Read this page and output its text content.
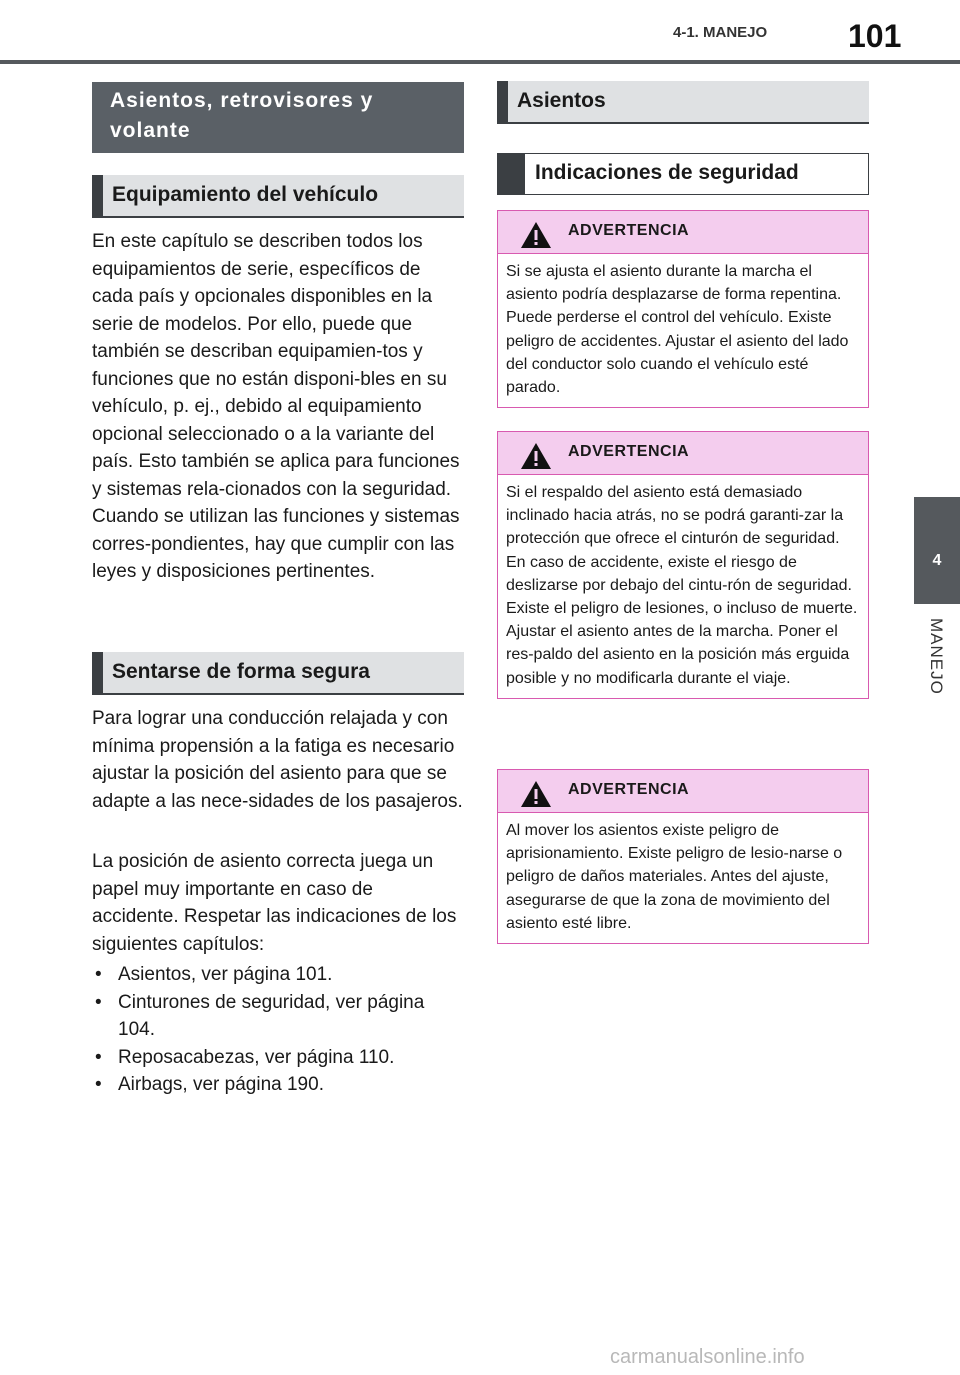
4-1. MANEJO	101
4
MANEJO
Asientos, retrovisores y volante
Equipamiento del vehículo

En este capítulo se describen todos los equipamientos de serie, específicos de cada país y opcionales disponibles en la serie de modelos. Por ello, puede que también se describan equipamien-tos y funciones que no están disponi-bles en su vehículo, p. ej., debido al equipamiento opcional seleccionado o a la variante del país. Esto también se aplica para funciones y sistemas rela-cionados con la seguridad. Cuando se utilizan las funciones y sistemas corres-pondientes, hay que cumplir con las leyes y disposiciones pertinentes.

Sentarse de forma segura

Para lograr una conducción relajada y con mínima propensión a la fatiga es necesario ajustar la posición del asiento para que se adapte a las nece-sidades de los pasajeros.

La posición de asiento correcta juega un papel muy importante en caso de accidente. Respetar las indicaciones de los siguientes capítulos:

• Asientos, ver página 101.
• Cinturones de seguridad, ver página 104.
• Reposacabezas, ver página 110.
• Airbags, ver página 190.
Asientos
Indicaciones de seguridad
ADVERTENCIA

Si se ajusta el asiento durante la marcha el asiento podría desplazarse de forma repentina. Puede perderse el control del vehículo. Existe peligro de accidentes. Ajustar el asiento del lado del conductor solo cuando el vehículo esté parado.

ADVERTENCIA

Si el respaldo del asiento está demasiado inclinado hacia atrás, no se podrá garanti-zar la protección que ofrece el cinturón de seguridad. En caso de accidente, existe el riesgo de deslizarse por debajo del cintu-rón de seguridad. Existe el peligro de lesiones, o incluso de muerte. Ajustar el asiento antes de la marcha. Poner el res-paldo del asiento en la posición más erguida posible y no modificarla durante el viaje.

ADVERTENCIA

Al mover los asientos existe peligro de aprisionamiento. Existe peligro de lesio-narse o peligro de daños materiales. Antes del ajuste, asegurarse de que la zona de movimiento del asiento esté libre.

carmanualsonline.info
